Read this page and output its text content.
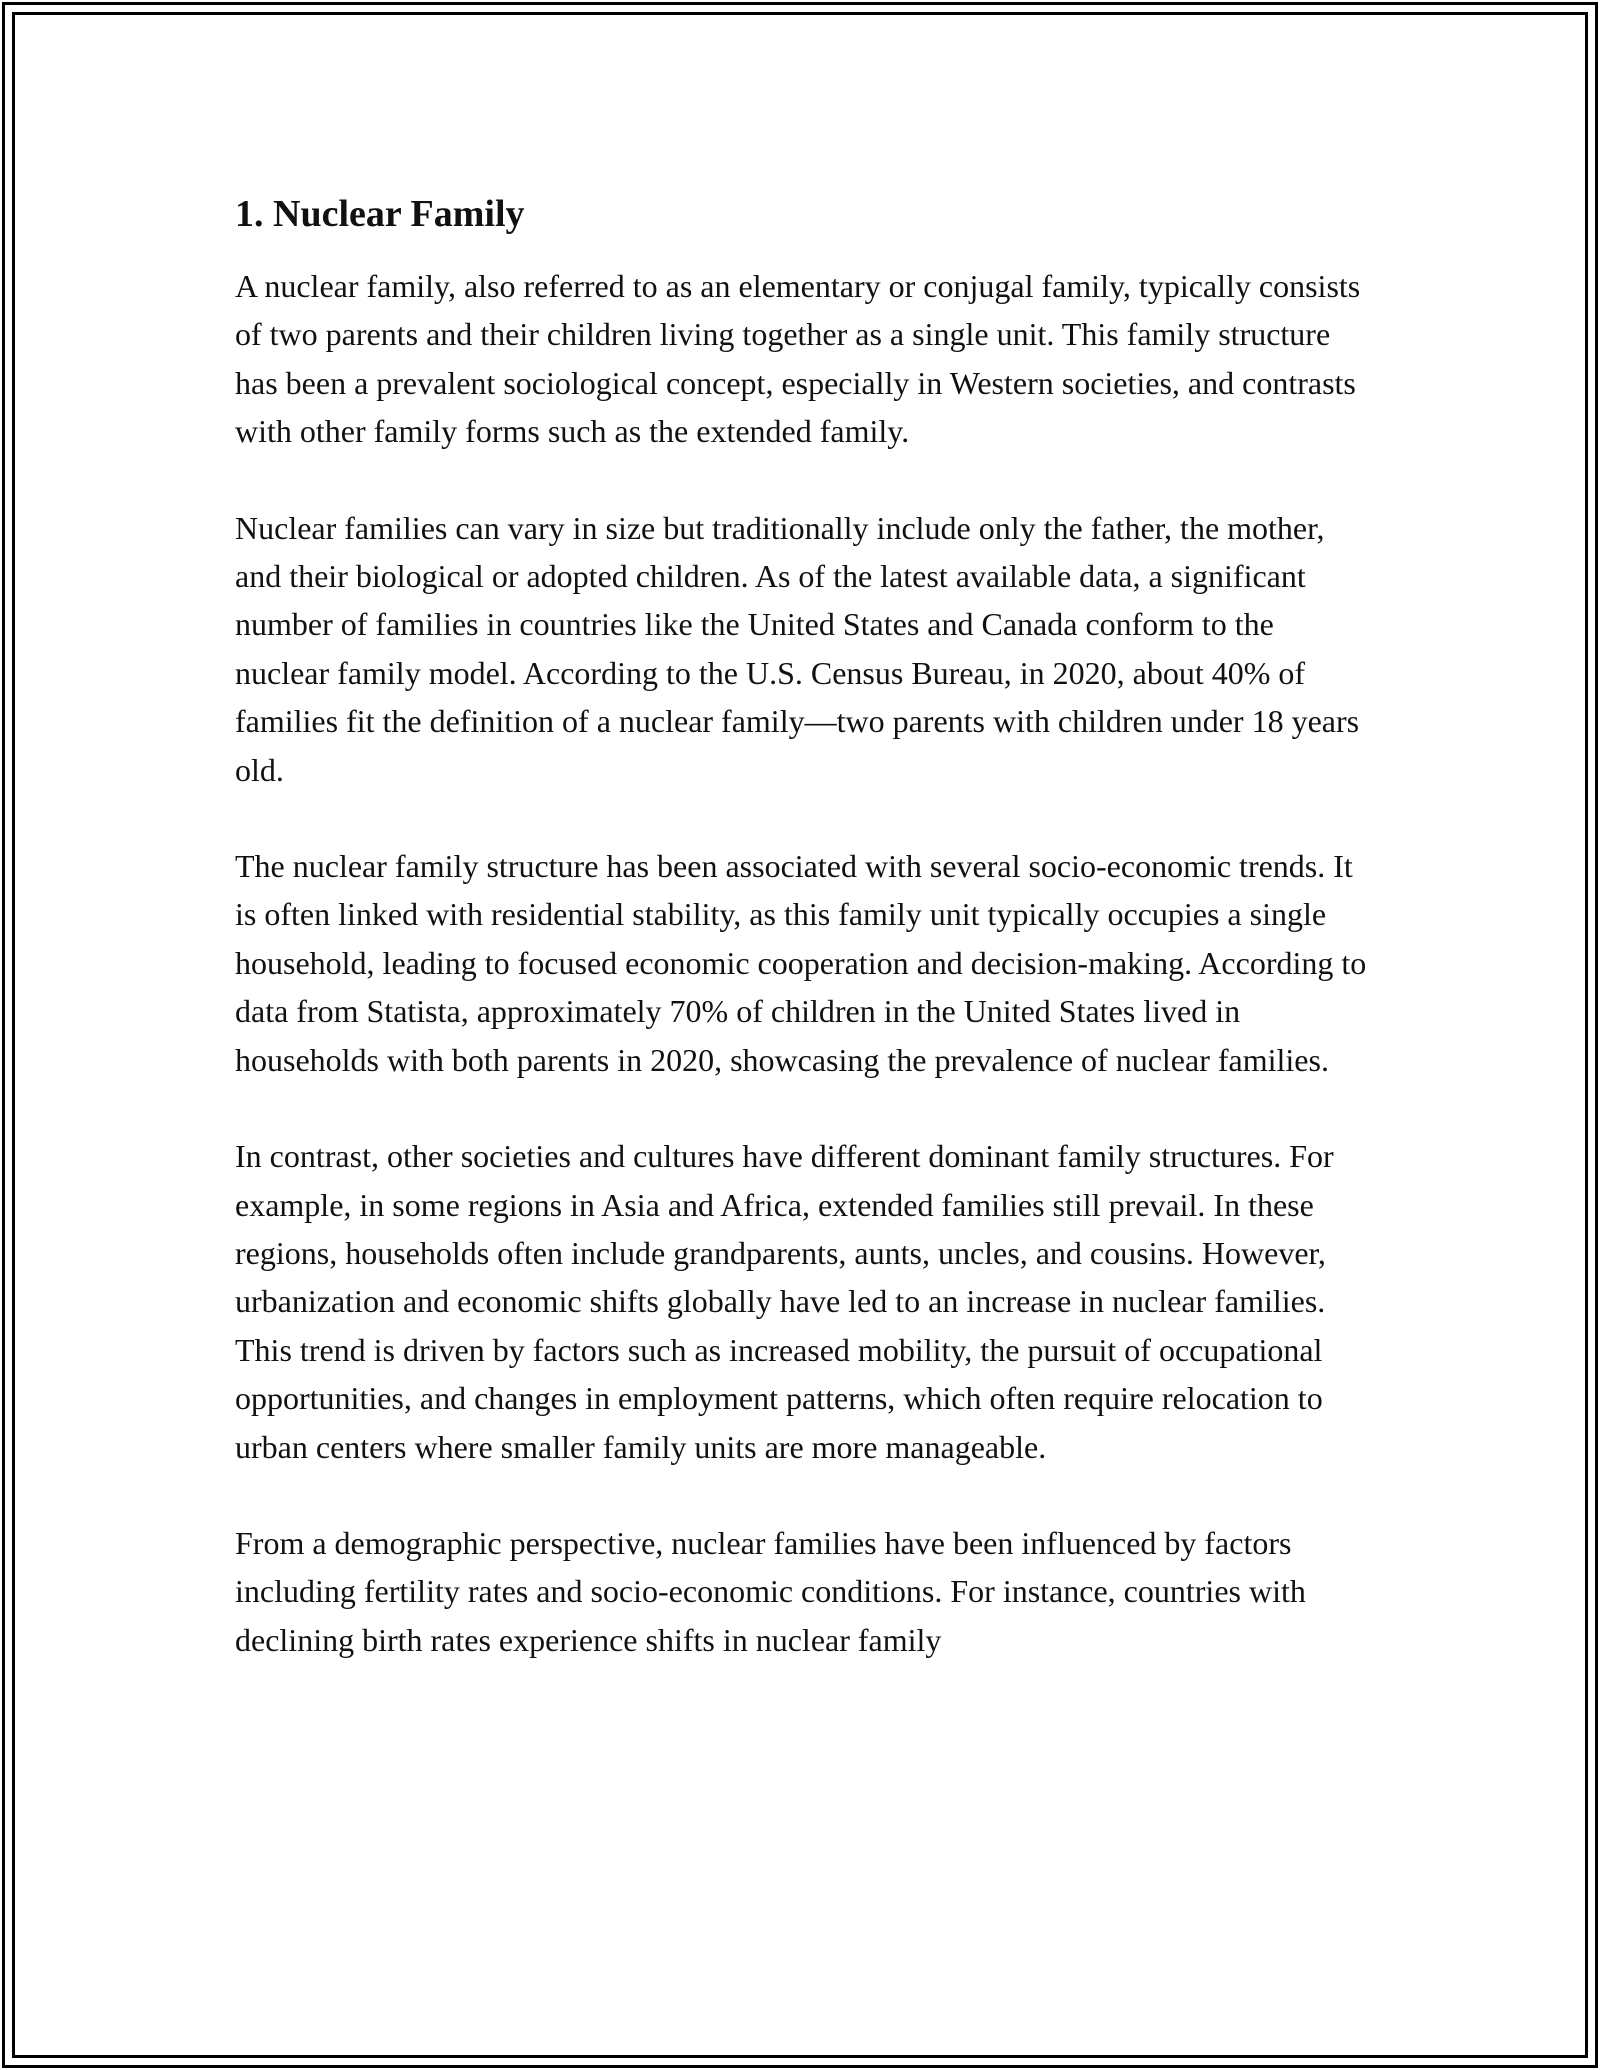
1. Nuclear Family

A nuclear family, also referred to as an elementary or conjugal family, typically consists of two parents and their children living together as a single unit. This family structure has been a prevalent sociological concept, especially in Western societies, and contrasts with other family forms such as the extended family.

Nuclear families can vary in size but traditionally include only the father, the mother, and their biological or adopted children. As of the latest available data, a significant number of families in countries like the United States and Canada conform to the nuclear family model. According to the U.S. Census Bureau, in 2020, about 40% of families fit the definition of a nuclear family—two parents with children under 18 years old.

The nuclear family structure has been associated with several socio-economic trends. It is often linked with residential stability, as this family unit typically occupies a single household, leading to focused economic cooperation and decision-making. According to data from Statista, approximately 70% of children in the United States lived in households with both parents in 2020, showcasing the prevalence of nuclear families.

In contrast, other societies and cultures have different dominant family structures. For example, in some regions in Asia and Africa, extended families still prevail. In these regions, households often include grandparents, aunts, uncles, and cousins. However, urbanization and economic shifts globally have led to an increase in nuclear families. This trend is driven by factors such as increased mobility, the pursuit of occupational opportunities, and changes in employment patterns, which often require relocation to urban centers where smaller family units are more manageable.

From a demographic perspective, nuclear families have been influenced by factors including fertility rates and socio-economic conditions. For instance, countries with declining birth rates experience shifts in nuclear family
